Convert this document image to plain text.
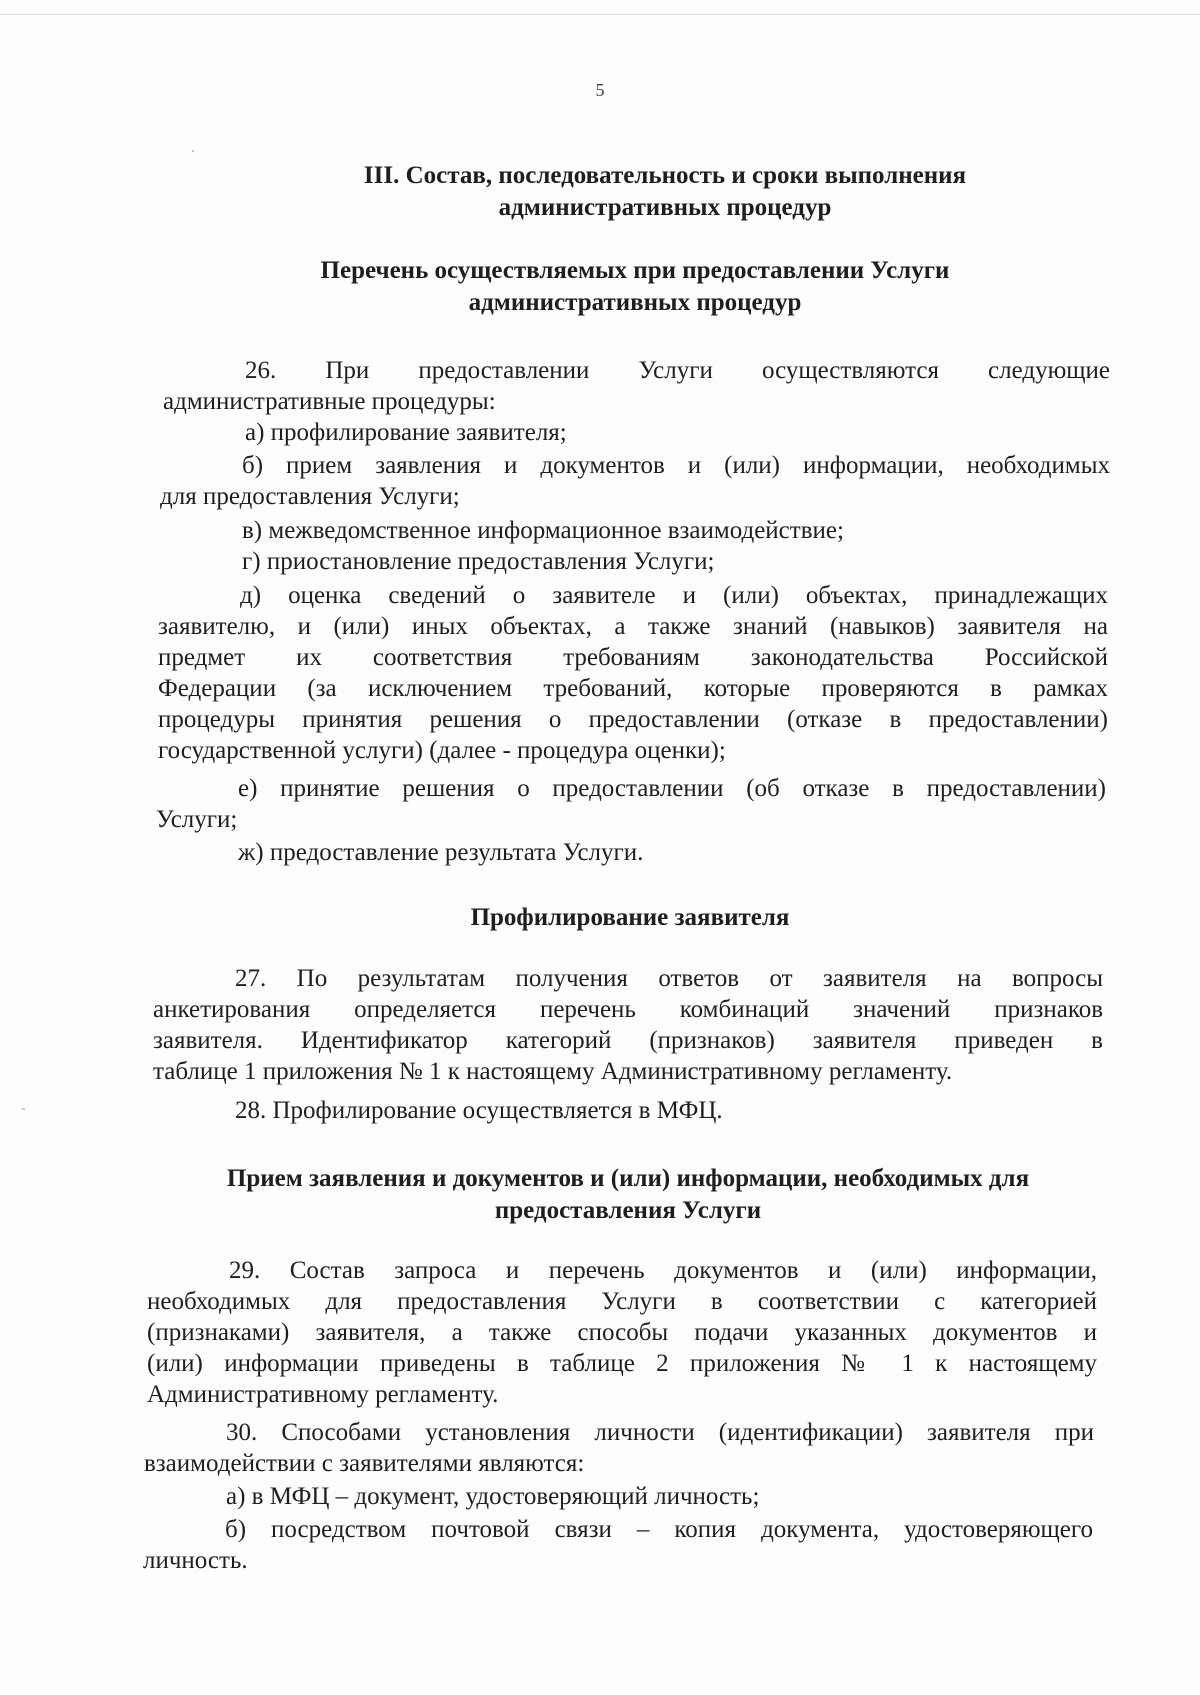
5
III. Состав, последовательность и сроки выполнения
административных процедур
Перечень осуществляемых при предоставлении Услуги
административных процедур
26. При предоставлении Услуги осуществляются следующие
административные процедуры:
а) профилирование заявителя;
б) прием заявления и документов и (или) информации, необходимых
для предоставления Услуги;
в) межведомственное информационное взаимодействие;
г) приостановление предоставления Услуги;
д) оценка сведений о заявителе и (или) объектах, принадлежащих
заявителю, и (или) иных объектах, а также знаний (навыков) заявителя на
предмет их соответствия требованиям законодательства Российской
Федерации (за исключением требований, которые проверяются в рамках
процедуры принятия решения о предоставлении (отказе в предоставлении)
государственной услуги) (далее - процедура оценки);
е) принятие решения о предоставлении (об отказе в предоставлении)
Услуги;
ж) предоставление результата Услуги.
Профилирование заявителя
27. По результатам получения ответов от заявителя на вопросы
анкетирования определяется перечень комбинаций значений признаков
заявителя. Идентификатор категорий (признаков) заявителя приведен в
таблице 1 приложения № 1 к настоящему Административному регламенту.
28. Профилирование осуществляется в МФЦ.
Прием заявления и документов и (или) информации, необходимых для
предоставления Услуги
29. Состав запроса и перечень документов и (или) информации,
необходимых для предоставления Услуги в соответствии с категорией
(признаками) заявителя, а также способы подачи указанных документов и
(или) информации приведены в таблице 2 приложения № 1 к настоящему
Административному регламенту.
30. Способами установления личности (идентификации) заявителя при
взаимодействии с заявителями являются:
а) в МФЦ – документ, удостоверяющий личность;
б) посредством почтовой связи – копия документа, удостоверяющего
личность.
